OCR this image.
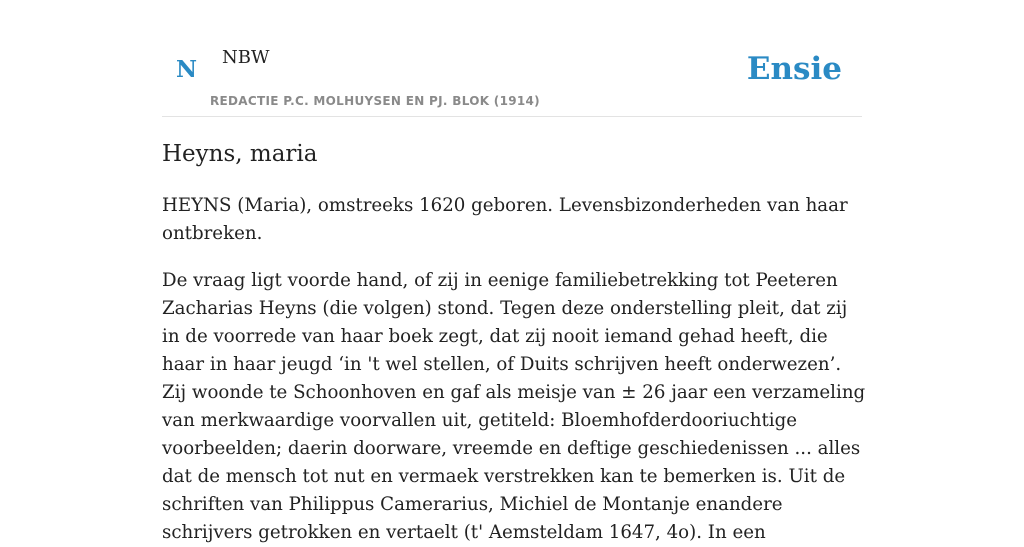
N NBW
REDACTIE P.C. MOLHUYSEN EN PJ. BLOK (1914)
Ensie
Heyns, maria

HEYNS (Maria), omstreeks 1620 geboren. Levensbizonderheden van haar ontbreken.

De vraag ligt voorde hand, of zij in eenige familiebetrekking tot Peeteren Zacharias Heyns (die volgen) stond. Tegen deze onderstelling pleit, dat zij in de voorrede van haar boek zegt, dat zij nooit iemand gehad heeft, die haar in haar jeugd ‘in 't wel stellen, of Duits schrijven heeft onderwezen’. Zij woonde te Schoonhoven en gaf als meisje van ± 26 jaar een verzameling van merkwaardige voorvallen uit, getiteld: Bloemhofderdooriuchtige voorbeelden; daerin doorware, vreemde en deftige geschiedenissen ... alles dat de mensch tot nut en vermaek verstrekken kan te bemerken is. Uit de schriften van Philippus Camerarius, Michiel de Montanje enandere schrijvers getrokken en vertaelt (t' Aemsteldam 1647, 4o). In een
